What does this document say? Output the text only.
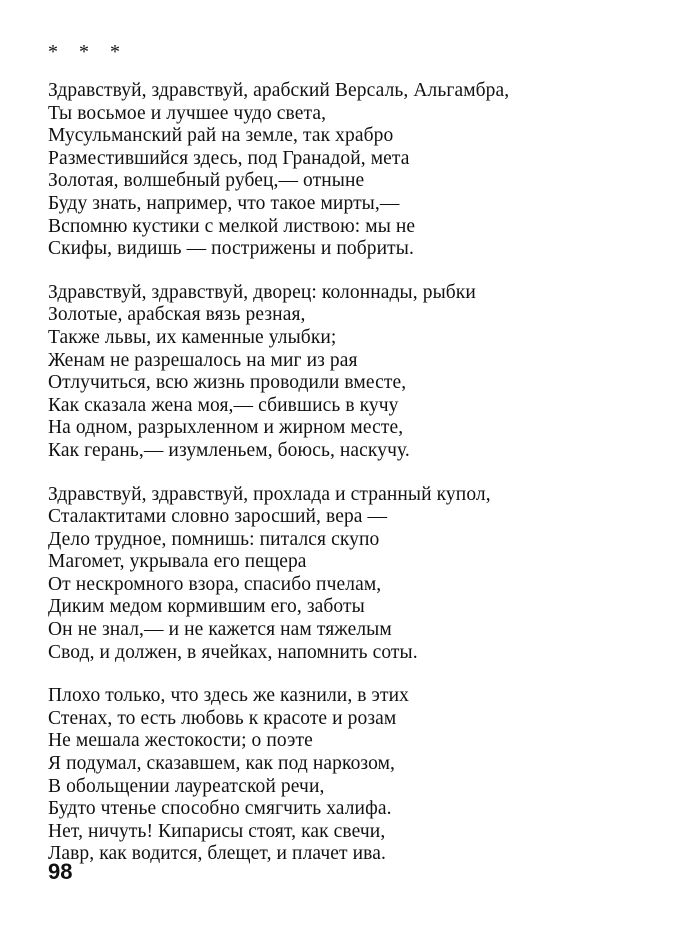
* * *
Здравствуй, здравствуй, арабский Версаль, Альгамбра,
Ты восьмое и лучшее чудо света,
Мусульманский рай на земле, так храбро
Разместившийся здесь, под Гранадой, мета
Золотая, волшебный рубец,— отныне
Буду знать, например, что такое мирты,—
Вспомню кустики с мелкой листвою: мы не
Скифы, видишь — пострижены и побриты.
Здравствуй, здравствуй, дворец: колоннады, рыбки
Золотые, арабская вязь резная,
Также львы, их каменные улыбки;
Женам не разрешалось на миг из рая
Отлучиться, всю жизнь проводили вместе,
Как сказала жена моя,— сбившись в кучу
На одном, разрыхленном и жирном месте,
Как герань,— изумленьем, боюсь, наскучу.
Здравствуй, здравствуй, прохлада и странный купол,
Сталактитами словно заросший, вера —
Дело трудное, помнишь: питался скупо
Магомет, укрывала его пещера
От нескромного взора, спасибо пчелам,
Диким медом кормившим его, заботы
Он не знал,— и не кажется нам тяжелым
Свод, и должен, в ячейках, напомнить соты.
Плохо только, что здесь же казнили, в этих
Стенах, то есть любовь к красоте и розам
Не мешала жестокости; о поэте
Я подумал, сказавшем, как под наркозом,
В обольщении лауреатской речи,
Будто чтенье способно смягчить халифа.
Нет, ничуть! Кипарисы стоят, как свечи,
Лавр, как водится, блещет, и плачет ива.
98
